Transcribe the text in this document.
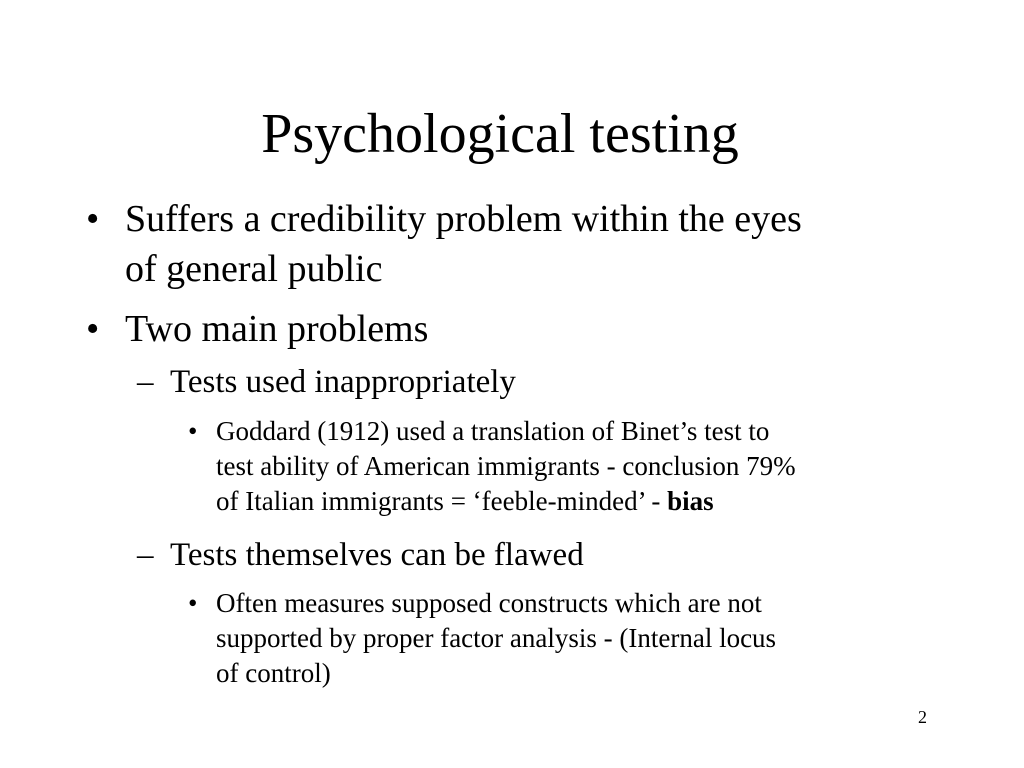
Psychological testing
• Suffers a credibility problem within the eyes
of general public
• Two main problems
– Tests used inappropriately
• Goddard (1912) used a translation of Binet’s test to
test ability of American immigrants - conclusion 79%
of Italian immigrants = ‘feeble-minded’ - bias
– Tests themselves can be flawed
• Often measures supposed constructs which are not
supported by proper factor analysis - (Internal locus
of control)
2
